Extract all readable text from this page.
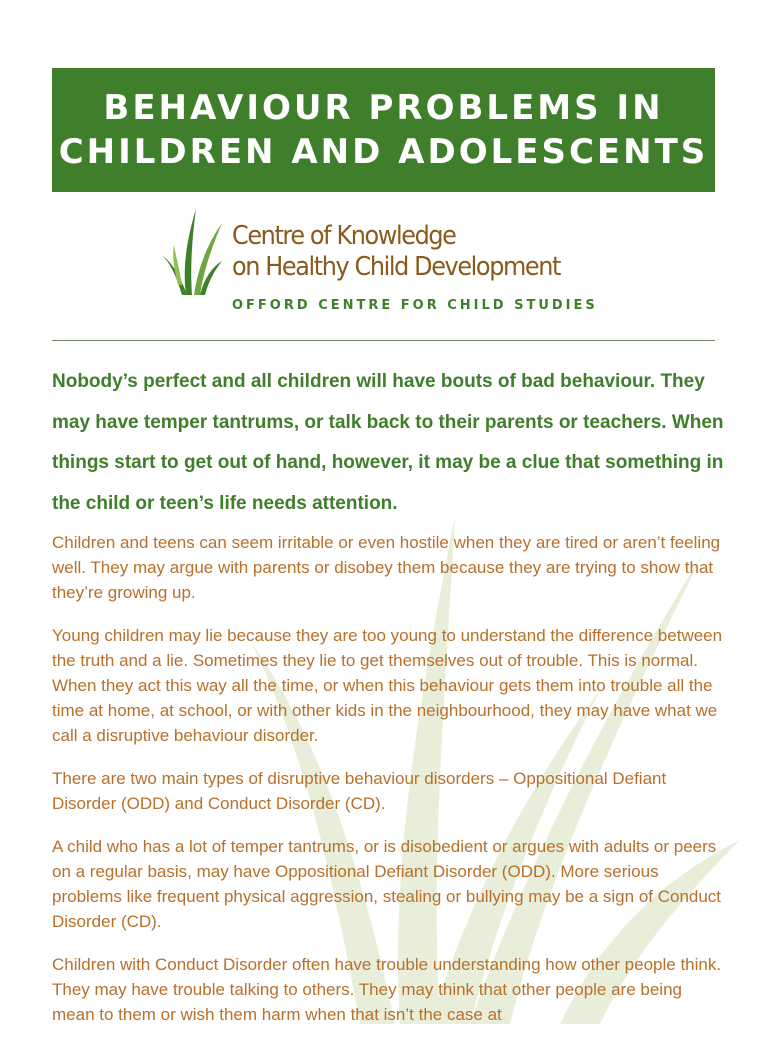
BEHAVIOUR PROBLEMS IN
CHILDREN AND ADOLESCENTS
Centre of Knowledge
on Healthy Child Development
OFFORD CENTRE FOR CHILD STUDIES
Nobody’s perfect and all children will have bouts of bad behaviour. They may have temper tantrums, or talk back to their parents or teachers. When things start to get out of hand, however, it may be a clue that something in the child or teen’s life needs attention.

Children and teens can seem irritable or even hostile when they are tired or aren’t feeling well. They may argue with parents or disobey them because they are trying to show that they’re growing up.

Young children may lie because they are too young to understand the difference between the truth and a lie. Sometimes they lie to get themselves out of trouble. This is normal. When they act this way all the time, or when this behaviour gets them into trouble all the time at home, at school, or with other kids in the neighbourhood, they may have what we call a disruptive behaviour disorder.

There are two main types of disruptive behaviour disorders – Oppositional Defiant Disorder (ODD) and Conduct Disorder (CD).

A child who has a lot of temper tantrums, or is disobedient or argues with adults or peers on a regular basis, may have Oppositional Defiant Disorder (ODD). More serious problems like frequent physical aggression, stealing or bullying may be a sign of Conduct Disorder (CD).

Children with Conduct Disorder often have trouble understanding how other people think. They may have trouble talking to others. They may think that other people are being mean to them or wish them harm when that isn’t the case at
